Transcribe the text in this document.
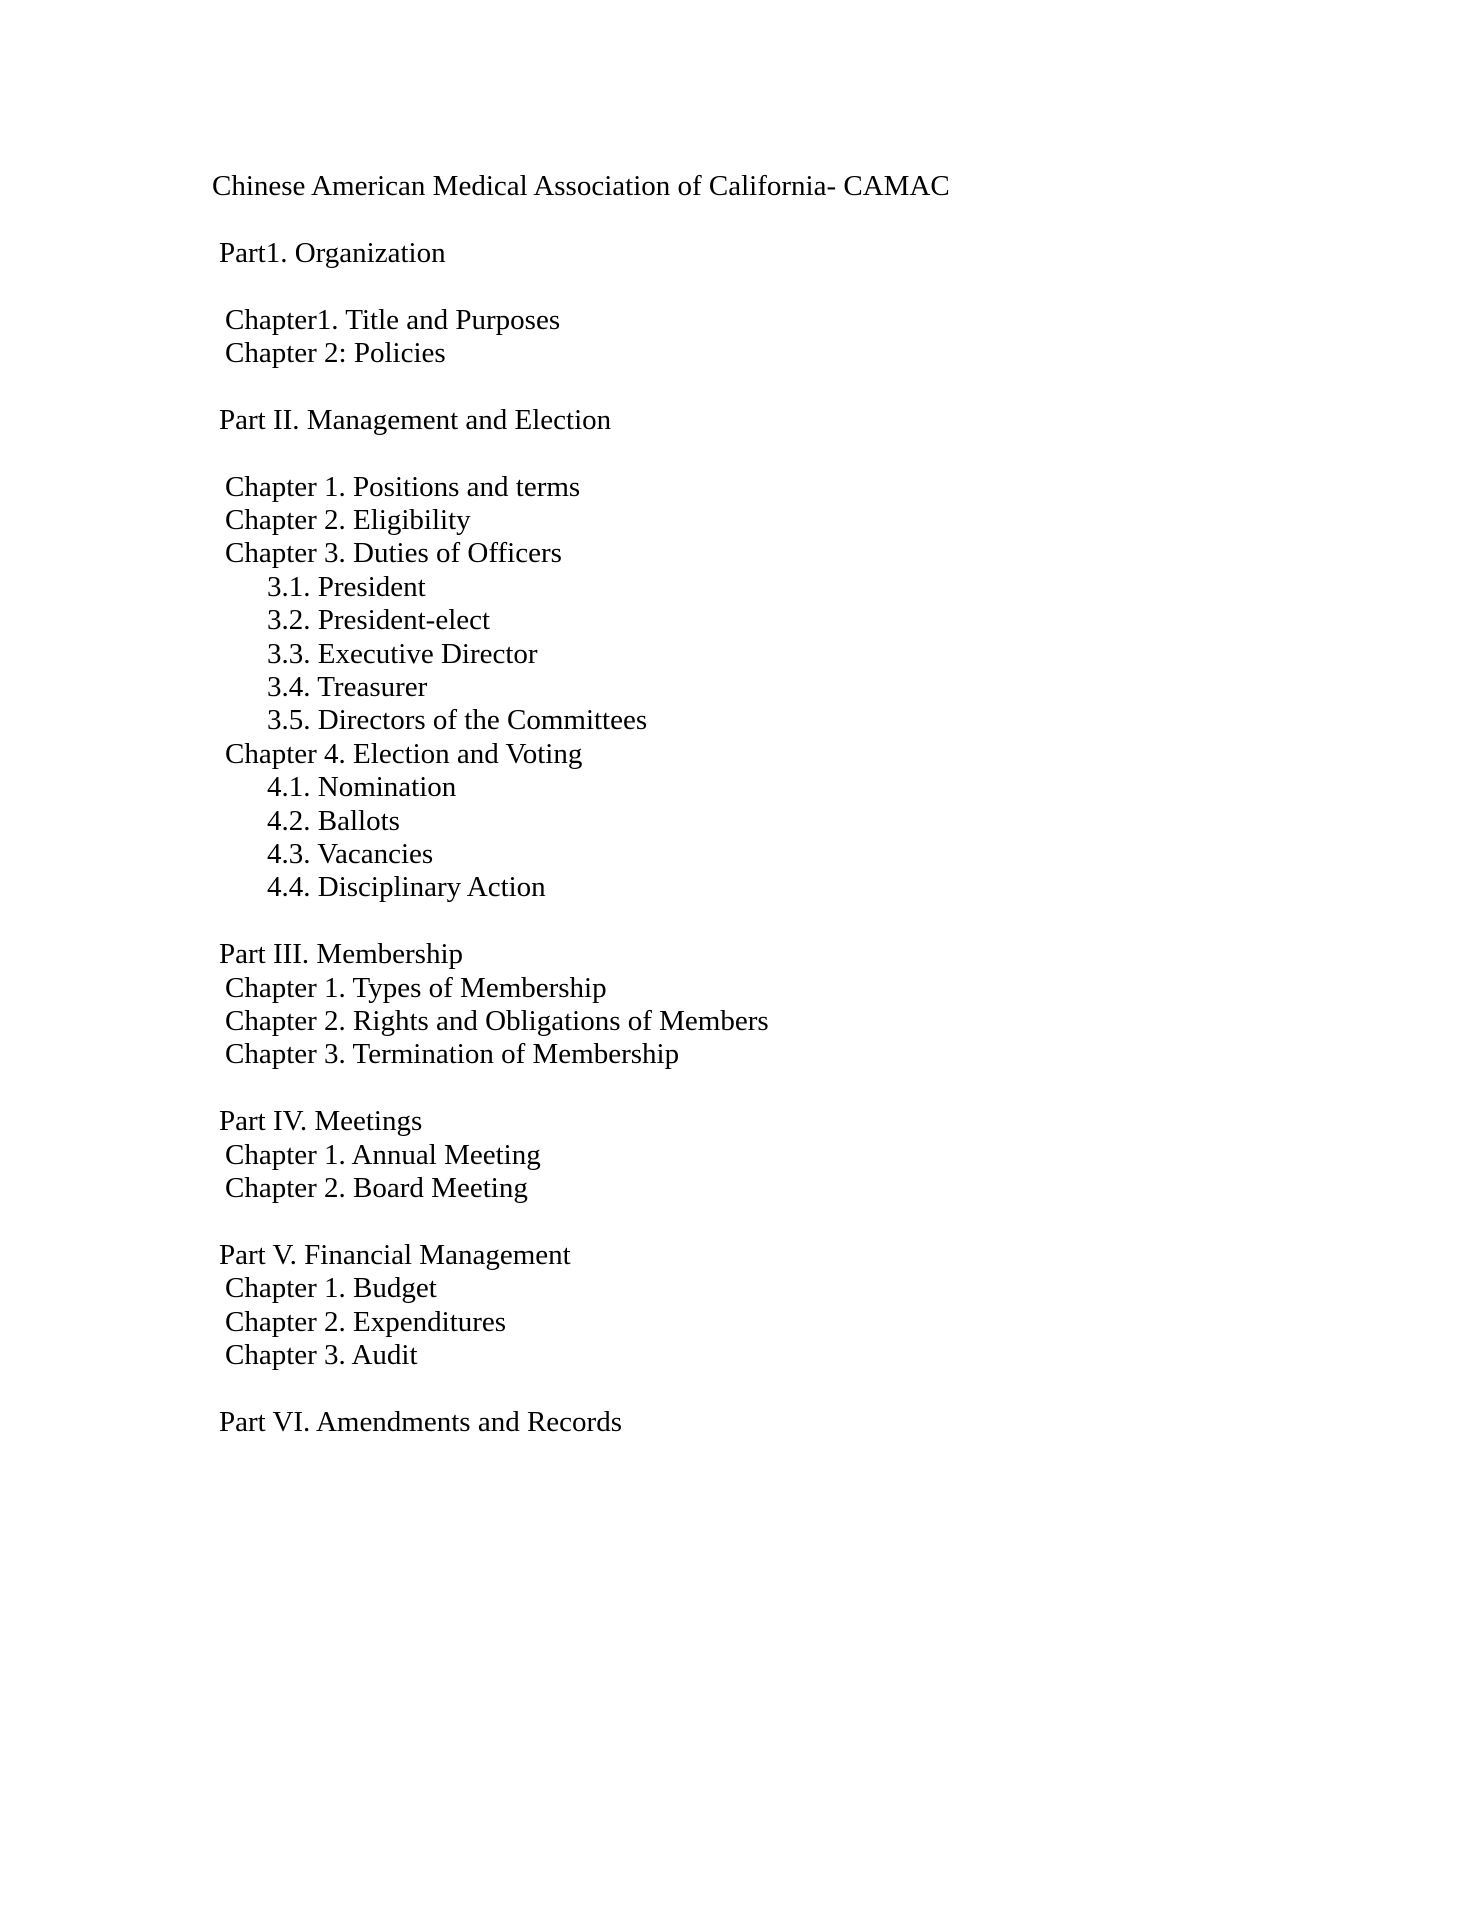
Chinese American Medical Association of California- CAMAC
Part1. Organization
Chapter1. Title and Purposes
Chapter 2: Policies
Part II. Management and Election
Chapter 1. Positions and terms
Chapter 2. Eligibility
Chapter 3. Duties of Officers
3.1. President
3.2. President-elect
3.3. Executive Director
3.4. Treasurer
3.5. Directors of the Committees
Chapter 4. Election and Voting
4.1. Nomination
4.2. Ballots
4.3. Vacancies
4.4. Disciplinary Action
Part III. Membership
Chapter 1. Types of Membership
Chapter 2. Rights and Obligations of Members
Chapter 3. Termination of Membership
Part IV. Meetings
Chapter 1. Annual Meeting
Chapter 2. Board Meeting
Part V. Financial Management
Chapter 1. Budget
Chapter 2. Expenditures
Chapter 3. Audit
Part VI. Amendments and Records
